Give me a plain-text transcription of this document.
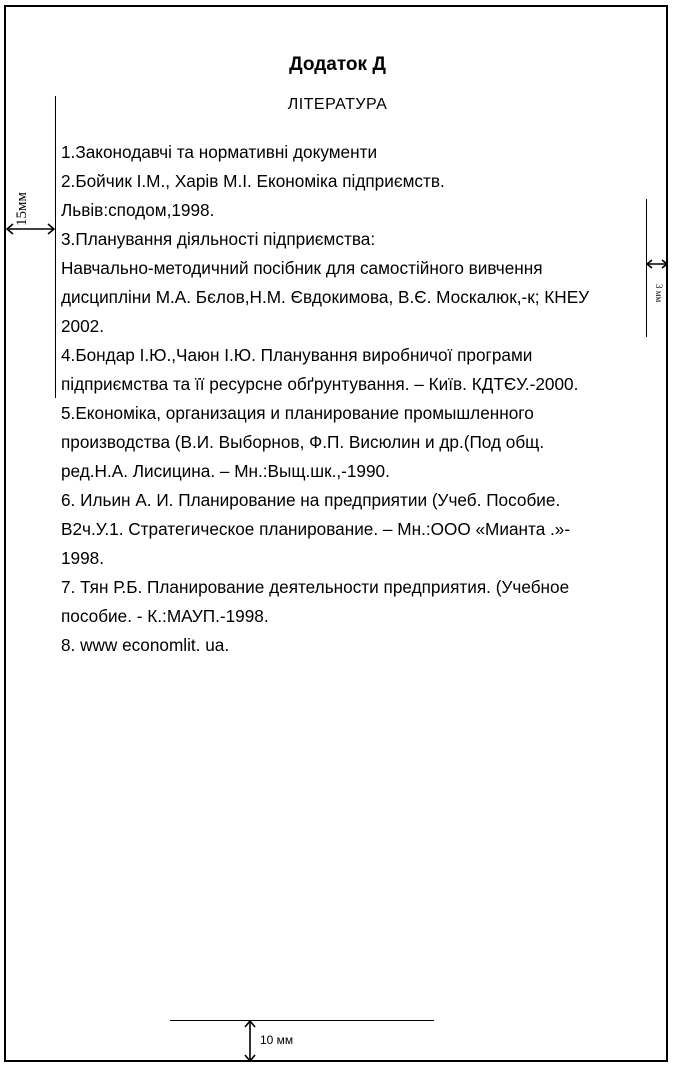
Додаток Д
ЛІТЕРАТУРА
1.Законодавчі та нормативні документи
2.Бойчик І.М., Харів М.І. Економіка підприємств.
Львів:сподом,1998.
3.Планування діяльності підприємства:
Навчально-методичний посібник для самостійного вивчення
дисципліни М.А. Бєлов,Н.М. Євдокимова, В.Є. Москалюк,-к; КНЕУ
2002.
4.Бондар І.Ю.,Чаюн І.Ю. Планування виробничої програми
підприємства та її ресурсне обґрунтування. – Київ. КДТЄУ.-2000.
5.Економіка, организация и планирование промышленного
производства (В.И. Выборнов, Ф.П. Висюлин и др.(Под общ.
ред.Н.А. Лисицина. – Мн.:Выщ.шк.,-1990.
6. Ильин А. И. Планирование на предприятии (Учеб. Пособие.
В2ч.У.1. Стратегическое планирование. – Мн.:ООО «Мианта .»-
1998.
7. Тян Р.Б. Планирование деятельности предприятия. (Учебное
пособие. - К.:МАУП.-1998.
8. www economlit. ua.
15мм
3 мм
10 мм
